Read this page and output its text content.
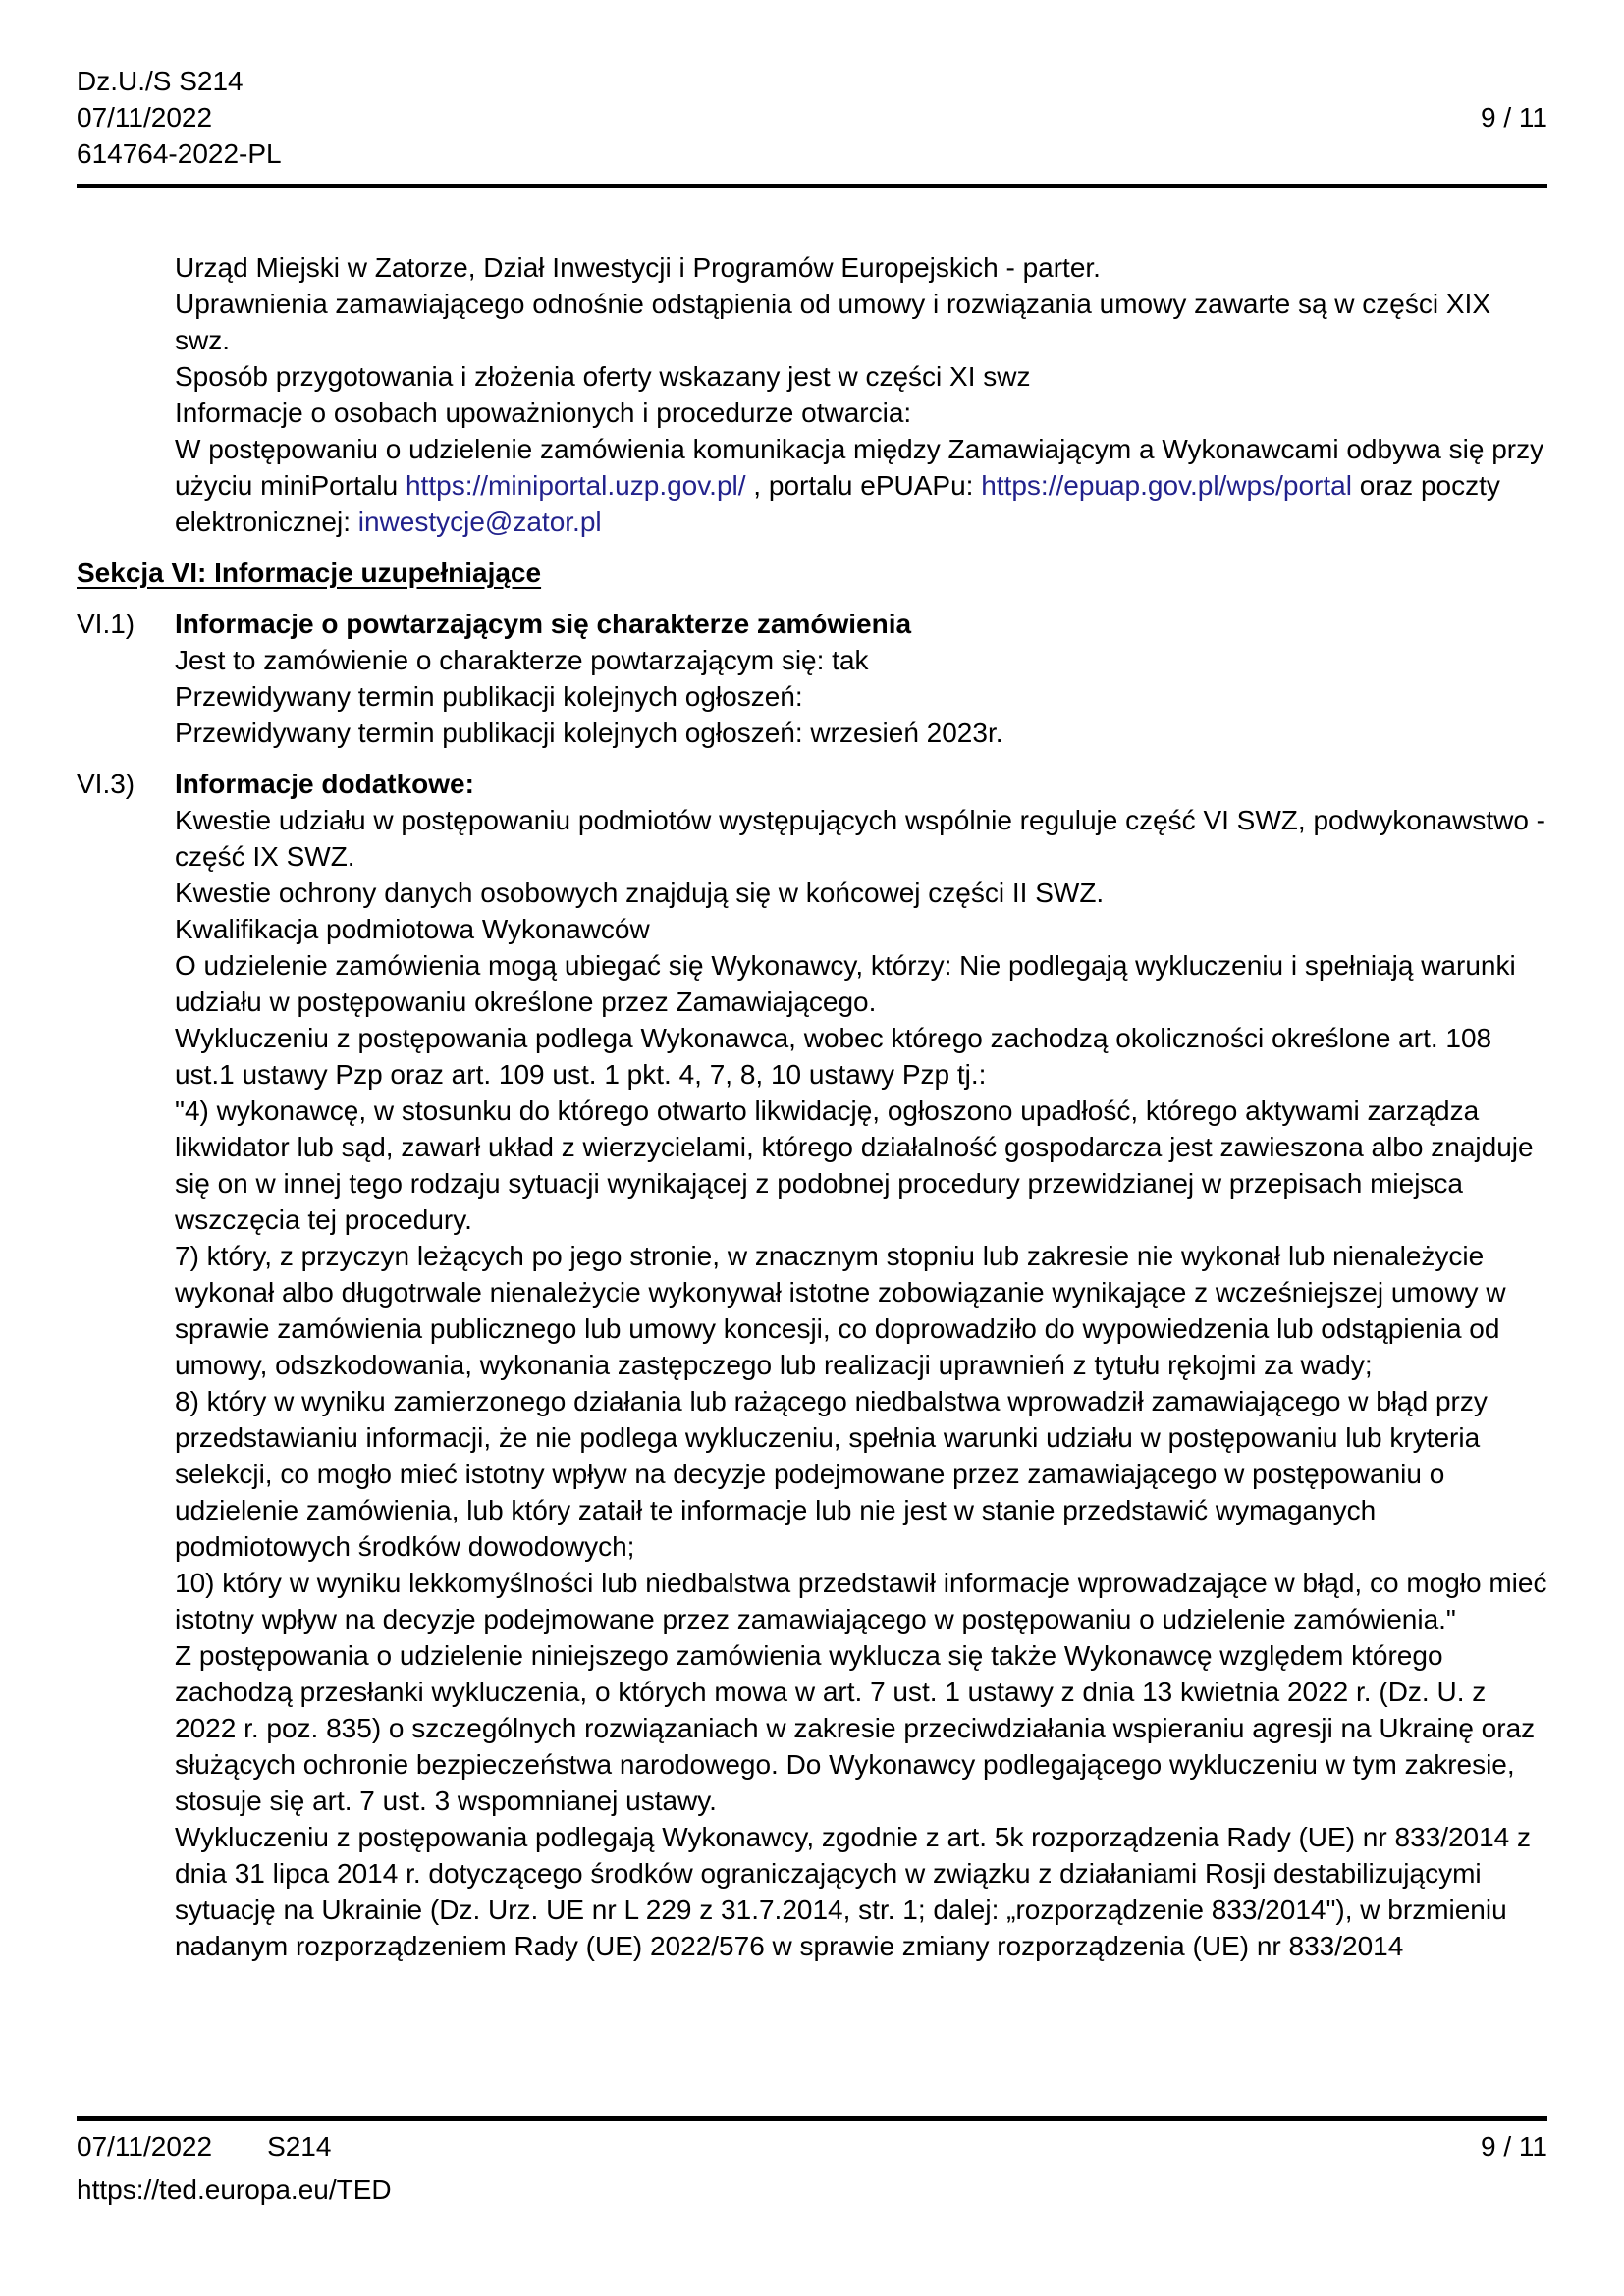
Dz.U./S S214
07/11/2022	9 / 11
614764-2022-PL

Urząd Miejski w Zatorze, Dział Inwestycji i Programów Europejskich - parter.

Uprawnienia zamawiającego odnośnie odstąpienia od umowy i rozwiązania umowy zawarte są w części XIX swz.

Sposób przygotowania i złożenia oferty wskazany jest w części XI swz

Informacje o osobach upoważnionych i procedurze otwarcia:

W postępowaniu o udzielenie zamówienia komunikacja między Zamawiającym a Wykonawcami odbywa się przy użyciu miniPortalu https://miniportal.uzp.gov.pl/ , portalu ePUAPu: https://epuap.gov.pl/wps/portal oraz poczty elektronicznej: inwestycje@zator.pl

Sekcja VI: Informacje uzupełniające
VI.1)	Informacje o powtarzającym się charakterze zamówienia

Jest to zamówienie o charakterze powtarzającym się: tak

Przewidywany termin publikacji kolejnych ogłoszeń:

Przewidywany termin publikacji kolejnych ogłoszeń: wrzesień 2023r.

VI.3)	Informacje dodatkowe:

Kwestie udziału w postępowaniu podmiotów występujących wspólnie reguluje część VI SWZ, podwykonawstwo - część IX SWZ.

Kwestie ochrony danych osobowych znajdują się w końcowej części II SWZ.

Kwalifikacja podmiotowa Wykonawców

O udzielenie zamówienia mogą ubiegać się Wykonawcy, którzy: Nie podlegają wykluczeniu i spełniają warunki udziału w postępowaniu określone przez Zamawiającego.

Wykluczeniu z postępowania podlega Wykonawca, wobec którego zachodzą okoliczności określone art. 108 ust.1 ustawy Pzp oraz art. 109 ust. 1 pkt. 4, 7, 8, 10 ustawy Pzp tj.:

"4) wykonawcę, w stosunku do którego otwarto likwidację, ogłoszono upadłość, którego aktywami zarządza likwidator lub sąd, zawarł układ z wierzycielami, którego działalność gospodarcza jest zawieszona albo znajduje się on w innej tego rodzaju sytuacji wynikającej z podobnej procedury przewidzianej w przepisach miejsca wszczęcia tej procedury.

7) który, z przyczyn leżących po jego stronie, w znacznym stopniu lub zakresie nie wykonał lub nienależycie wykonał albo długotrwale nienależycie wykonywał istotne zobowiązanie wynikające z wcześniejszej umowy w sprawie zamówienia publicznego lub umowy koncesji, co doprowadziło do wypowiedzenia lub odstąpienia od umowy, odszkodowania, wykonania zastępczego lub realizacji uprawnień z tytułu rękojmi za wady;

8) który w wyniku zamierzonego działania lub rażącego niedbalstwa wprowadził zamawiającego w błąd przy przedstawianiu informacji, że nie podlega wykluczeniu, spełnia warunki udziału w postępowaniu lub kryteria selekcji, co mogło mieć istotny wpływ na decyzje podejmowane przez zamawiającego w postępowaniu o udzielenie zamówienia, lub który zataił te informacje lub nie jest w stanie przedstawić wymaganych podmiotowych środków dowodowych;

10) który w wyniku lekkomyślności lub niedbalstwa przedstawił informacje wprowadzające w błąd, co mogło mieć istotny wpływ na decyzje podejmowane przez zamawiającego w postępowaniu o udzielenie zamówienia."

Z postępowania o udzielenie niniejszego zamówienia wyklucza się także Wykonawcę względem którego zachodzą przesłanki wykluczenia, o których mowa w art. 7 ust. 1 ustawy z dnia 13 kwietnia 2022 r. (Dz. U. z 2022 r. poz. 835) o szczególnych rozwiązaniach w zakresie przeciwdziałania wspieraniu agresji na Ukrainę oraz służących ochronie bezpieczeństwa narodowego. Do Wykonawcy podlegającego wykluczeniu w tym zakresie, stosuje się art. 7 ust. 3 wspomnianej ustawy.

Wykluczeniu z postępowania podlegają Wykonawcy, zgodnie z art. 5k rozporządzenia Rady (UE) nr 833/2014 z dnia 31 lipca 2014 r. dotyczącego środków ograniczających w związku z działaniami Rosji destabilizującymi sytuację na Ukrainie (Dz. Urz. UE nr L 229 z 31.7.2014, str. 1; dalej: „rozporządzenie 833/2014"), w brzmieniu nadanym rozporządzeniem Rady (UE) 2022/576 w sprawie zmiany rozporządzenia (UE) nr 833/2014

07/11/2022 S214	9 / 11
https://ted.europa.eu/TED
